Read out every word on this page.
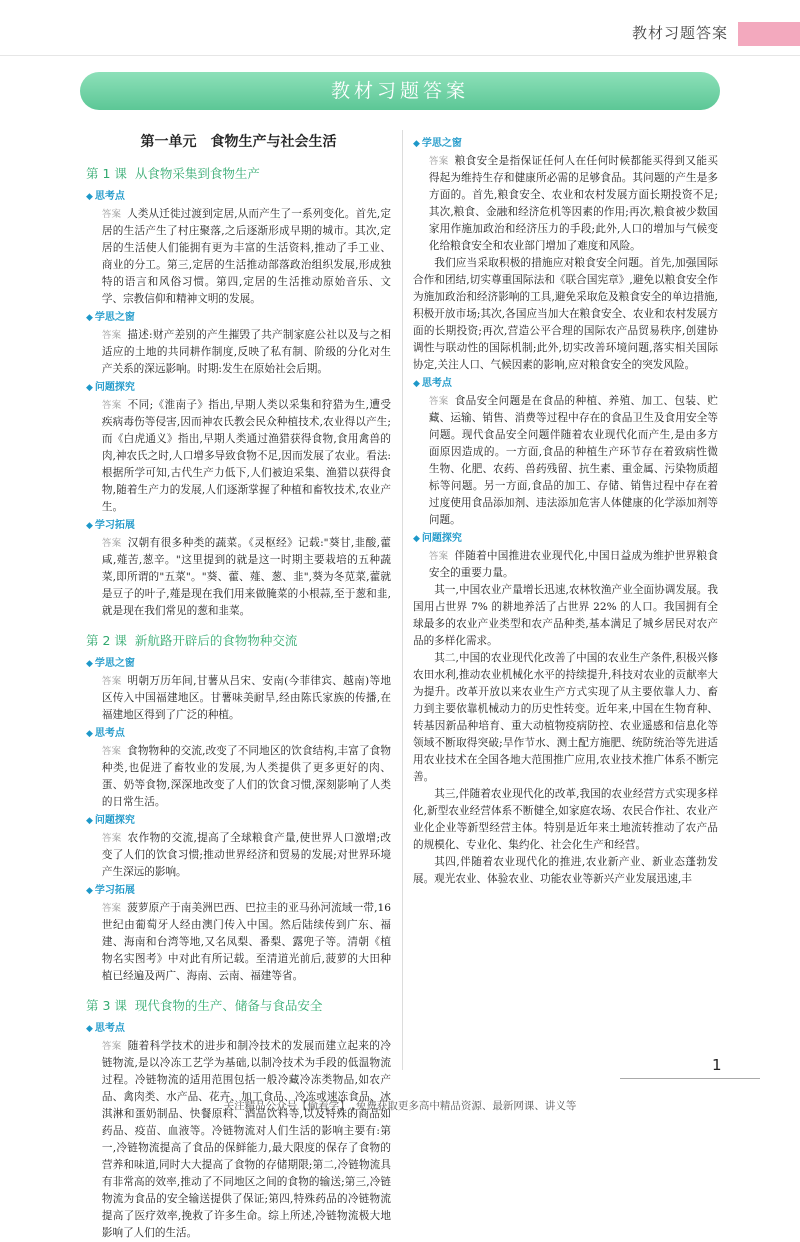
教材习题答案
教材习题答案
第一单元　食物生产与社会生活
第 1 课 从食物采集到食物生产
◆ 思考点

答案 人类从迁徙过渡到定居,从而产生了一系列变化。首先,定居的生活产生了村庄聚落,之后逐渐形成早期的城市。其次,定居的生活使人们能拥有更为丰富的生活资料,推动了手工业、商业的分工。第三,定居的生活推动部落政治组织发展,形成独特的语言和风俗习惯。第四,定居的生活推动原始音乐、文学、宗教信仰和精神文明的发展。

◆ 学思之窗

答案 描述:财产差别的产生摧毁了共产制家庭公社以及与之相适应的土地的共同耕作制度,反映了私有制、阶级的分化对生产关系的深远影响。时期:发生在原始社会后期。

◆ 问题探究

答案 不同;《淮南子》指出,早期人类以采集和狩猎为生,遭受疾病毒伤等侵害,因而神农氏教会民众种植技术,农业得以产生;而《白虎通义》指出,早期人类通过渔猎获得食物,食用禽兽的肉,神农氏之时,人口增多导致食物不足,因而发展了农业。看法:根据所学可知,古代生产力低下,人们被迫采集、渔猎以获得食物,随着生产力的发展,人们逐渐掌握了种植和畜牧技术,农业产生。

◆ 学习拓展

答案 汉朝有很多种类的蔬菜。《灵枢经》记载:"葵甘,韭酸,藿咸,薤苦,葱辛。"这里提到的就是这一时期主要栽培的五种蔬菜,即所谓的"五菜"。"葵、藿、薤、葱、韭",葵为冬苋菜,藿就是豆子的叶子,薤是现在我们用来做腌菜的小根蒜,至于葱和韭,就是现在我们常见的葱和韭菜。

第 2 课 新航路开辟后的食物物种交流
◆ 学思之窗

答案 明朝万历年间,甘薯从吕宋、安南(今菲律宾、越南)等地区传入中国福建地区。甘薯味美耐旱,经由陈氏家族的传播,在福建地区得到了广泛的种植。

◆ 思考点

答案 食物物种的交流,改变了不同地区的饮食结构,丰富了食物种类,也促进了畜牧业的发展,为人类提供了更多更好的肉、蛋、奶等食物,深深地改变了人们的饮食习惯,深刻影响了人类的日常生活。

◆ 问题探究

答案 农作物的交流,提高了全球粮食产量,使世界人口激增;改变了人们的饮食习惯;推动世界经济和贸易的发展;对世界环境产生深远的影响。

◆ 学习拓展

答案 菠萝原产于南美洲巴西、巴拉圭的亚马孙河流域一带,16 世纪由葡萄牙人经由澳门传入中国。然后陆续传到广东、福建、海南和台湾等地,又名凤梨、番梨、露兜子等。清朝《植物名实图考》中对此有所记载。至清道光前后,菠萝的大田种植已经遍及两广、海南、云南、福建等省。

第 3 课 现代食物的生产、储备与食品安全
◆ 思考点

答案 随着科学技术的进步和制冷技术的发展而建立起来的冷链物流,是以冷冻工艺学为基础,以制冷技术为手段的低温物流过程。冷链物流的适用范围包括一般冷藏冷冻类物品,如农产品、禽肉类、水产品、花卉、加工食品、冷冻或速冻食品、冰淇淋和蛋奶制品、快餐原料、酒品饮料等,以及特殊的商品如药品、疫苗、血液等。冷链物流对人们生活的影响主要有:第一,冷链物流提高了食品的保鲜能力,最大限度的保存了食物的营养和味道,同时大大提高了食物的存储期限;第二,冷链物流具有非常高的效率,推动了不同地区之间的食物的输送;第三,冷链物流为食品的安全输送提供了保证;第四,特殊药品的冷链物流提高了医疗效率,挽救了许多生命。综上所述,冷链物流极大地影响了人们的生活。

◆ 学思之窗

答案 粮食安全是指保证任何人在任何时候都能买得到又能买得起为维持生存和健康所必需的足够食品。其问题的产生是多方面的。首先,粮食安全、农业和农村发展方面长期投资不足;其次,粮食、金融和经济危机等因素的作用;再次,粮食被少数国家用作施加政治和经济压力的手段;此外,人口的增加与气候变化给粮食安全和农业部门增加了难度和风险。

我们应当采取积极的措施应对粮食安全问题。首先,加强国际合作和团结,切实尊重国际法和《联合国宪章》,避免以粮食安全作为施加政治和经济影响的工具,避免采取危及粮食安全的单边措施,积极开放市场;其次,各国应当加大在粮食安全、农业和农村发展方面的长期投资;再次,营造公平合理的国际农产品贸易秩序,创建协调性与联动性的国际机制;此外,切实改善环境问题,落实相关国际协定,关注人口、气候因素的影响,应对粮食安全的突发风险。

◆ 思考点

答案 食品安全问题是在食品的种植、养殖、加工、包装、贮藏、运输、销售、消费等过程中存在的食品卫生及食用安全等问题。现代食品安全问题伴随着农业现代化而产生,是由多方面原因造成的。一方面,食品的种植生产环节存在着致病性微生物、化肥、农药、兽药残留、抗生素、重金属、污染物质超标等问题。另一方面,食品的加工、存储、销售过程中存在着过度使用食品添加剂、违法添加危害人体健康的化学添加剂等问题。

◆ 问题探究

答案 伴随着中国推进农业现代化,中国日益成为维护世界粮食安全的重要力量。

其一,中国农业产量增长迅速,农林牧渔产业全面协调发展。我国用占世界 7% 的耕地养活了占世界 22% 的人口。我国拥有全球最多的农业产业类型和农产品种类,基本满足了城乡居民对农产品的多样化需求。

其二,中国的农业现代化改善了中国的农业生产条件,积极兴修农田水利,推动农业机械化水平的持续提升,科技对农业的贡献率大为提升。改革开放以来农业生产方式实现了从主要依靠人力、畜力到主要依靠机械动力的历史性转变。近年来,中国在生物育种、转基因新品种培育、重大动植物疫病防控、农业遥感和信息化等领域不断取得突破;旱作节水、测土配方施肥、统防统治等先进适用农业技术在全国各地大范围推广应用,农业技术推广体系不断完善。

其三,伴随着农业现代化的改革,我国的农业经营方式实现多样化,新型农业经营体系不断健全,如家庭农场、农民合作社、农业产业化企业等新型经营主体。特别是近年来土地流转推动了农产品的规模化、专业化、集约化、社会化生产和经营。

其四,伴随着农业现代化的推进,农业新产业、新业态蓬勃发展。观光农业、体验农业、功能农业等新兴产业发展迅速,丰

1
关注精品公众号【偷着学】,免费获取更多高中精品资源、最新网课、讲义等
